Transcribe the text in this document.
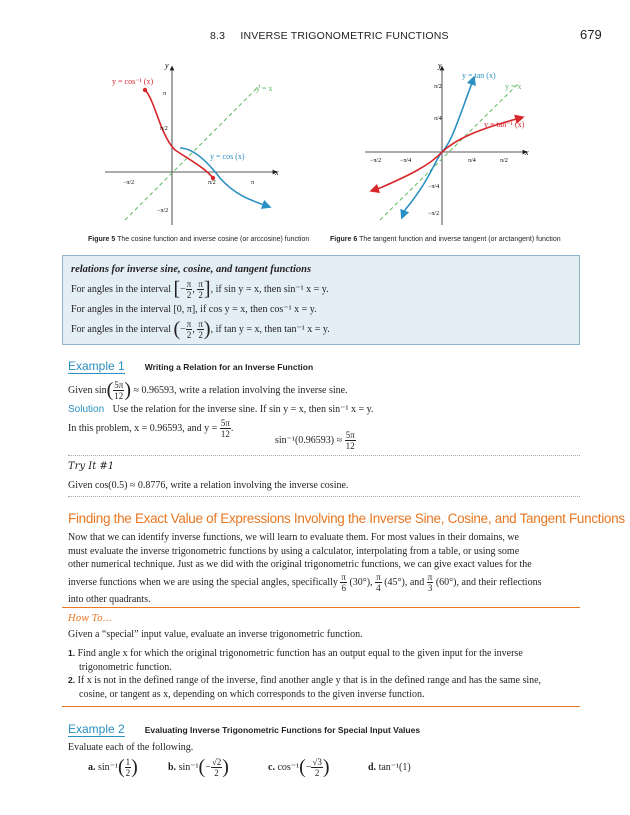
8.3 INVERSE TRIGONOMETRIC FUNCTIONS	679
y
x
π
π/2
−π/2
−π/2	π/2	π
y = cos⁻¹ (x)
y = cos (x)
y = x
Figure 5 The cosine function and inverse cosine (or arccosine) function
y
x
π/2
π/4
−π/4
−π/2
−π/2	−π/4	π/4	π/2
y = tan (x)
y = tan⁻¹ (x)
y = x
Figure 6 The tangent function and inverse tangent (or arctangent) function
relations for inverse sine, cosine, and tangent functions
For angles in the interval [− $\frac{\pi}{2}$ , $\frac{\pi}{2}$ ], if sin y = x, then sin⁻¹ x = y.
For angles in the interval [0, π], if cos y = x, then cos⁻¹ x = y.
For angles in the interval (− $\frac{\pi}{2}$ , $\frac{\pi}{2}$ ), if tan y = x, then tan⁻¹ x = y.
Example 1 Writing a Relation for an Inverse Function
Given $\sin( \frac{5\pi}{12}$ ) ≈ 0.96593, write a relation involving the inverse sine.
Solution Use the relation for the inverse sine. If sin y = x, then sin⁻¹ x = y.
In this problem, x = 0.96593, and $y = \frac{5\pi}{12}$ .
$\sin^{-1}(0.96593) \approx \frac{5\pi}{12}$
Try It #1
Given cos(0.5) ≈ 0.8776, write a relation involving the inverse cosine.
Finding the Exact Value of Expressions Involving the Inverse Sine, Cosine, and Tangent Functions
Now that we can identify inverse functions, we will learn to evaluate them. For most values in their domains, we
must evaluate the inverse trigonometric functions by using a calculator, interpolating from a table, or using some
other numerical technique. Just as we did with the original trigonometric functions, we can give exact values for the
inverse functions when we are using the special angles, specifically $\frac{\pi}{6} (30^\circ)$, $\frac{\pi}{4} (45^\circ)$, and $\frac{\pi}{3} (60^\circ)$, and their reflections
into other quadrants.
How To…
Given a “special” input value, evaluate an inverse trigonometric function.
1. Find angle x for which the original trigonometric function has an output equal to the given input for the inverse
trigonometric function.
2. If x is not in the defined range of the inverse, find another angle y that is in the defined range and has the same sine,
cosine, or tangent as x, depending on which corresponds to the given inverse function.
Example 2 Evaluating Inverse Trigonometric Functions for Special Input Values
Evaluate each of the following.
a. $\sin^{-1}( \frac{1}{2}$ )	b. $\sin^{-1}(- \frac{√2}{2}$ )	c. $\cos^{-1}(- \frac{√3}{2}$ )	d. tan⁻¹(1)
